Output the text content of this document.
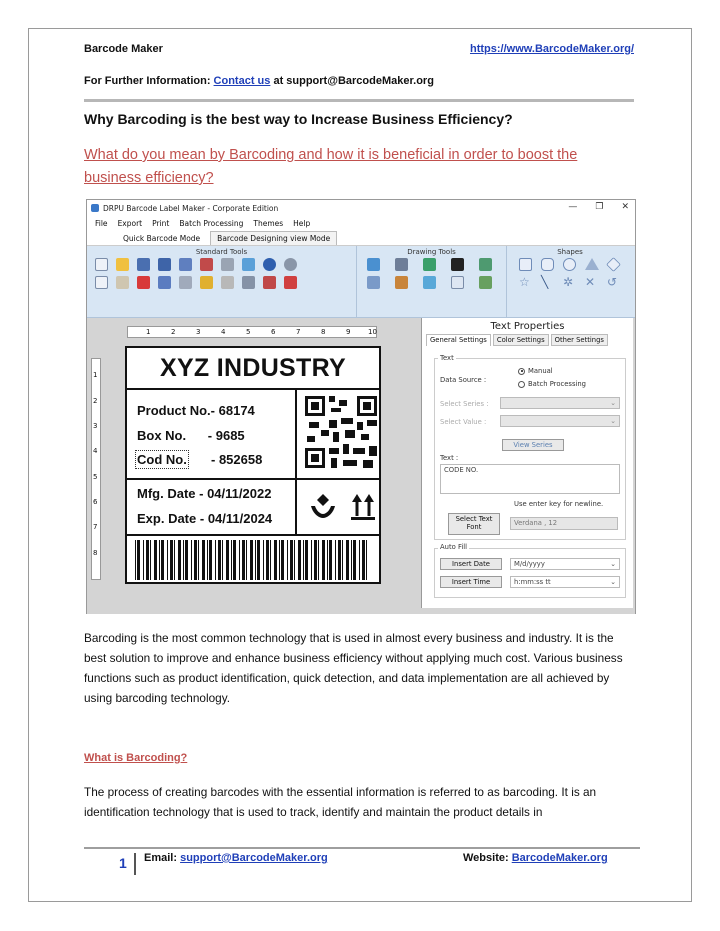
Barcode Maker	https://www.BarcodeMaker.org/
For Further Information: Contact us at support@BarcodeMaker.org
Why Barcoding is the best way to Increase Business Efficiency?
What do you mean by Barcoding and how it is beneficial in order to boost the business efficiency?
DRPU Barcode Label Maker - Corporate Edition	— ❐ ✕
File Export Print Batch Processing Themes Help
Quick Barcode Mode	Barcode Designing view Mode
Standard Tools	Drawing Tools	Shapes
☆ ╲	✲ ✕ ↺
1	2	3	4	5	6	7	8	9	10
1
2
3
4
5
6
7
8
XYZ INDUSTRY
Product No.- 68174
Box No. - 9685
Cod No. - 852658
Mfg. Date - 04/11/2022
Exp. Date - 04/11/2024
Text Properties
General Settings	Color Settings	Other Settings
Text
Data Source :
Manual
Batch Processing
Select Series :	⌄
Select Value :	⌄
View Series
Text :
CODE NO.
Use enter key for newline.
Select Text Font	Verdana , 12
Auto Fill
Insert Date	M/d/yyyy	⌄
Insert Time	h:mm:ss tt	⌄
Barcoding is the most common technology that is used in almost every business and industry. It is the best solution to improve and enhance business efficiency without applying much cost. Various business functions such as product identification, quick detection, and data implementation are all achieved by using barcoding technology.
What is Barcoding?
The process of creating barcodes with the essential information is referred to as barcoding. It is an identification technology that is used to track, identify and maintain the product details in
1 Email: support@BarcodeMaker.org	Website: BarcodeMaker.org
